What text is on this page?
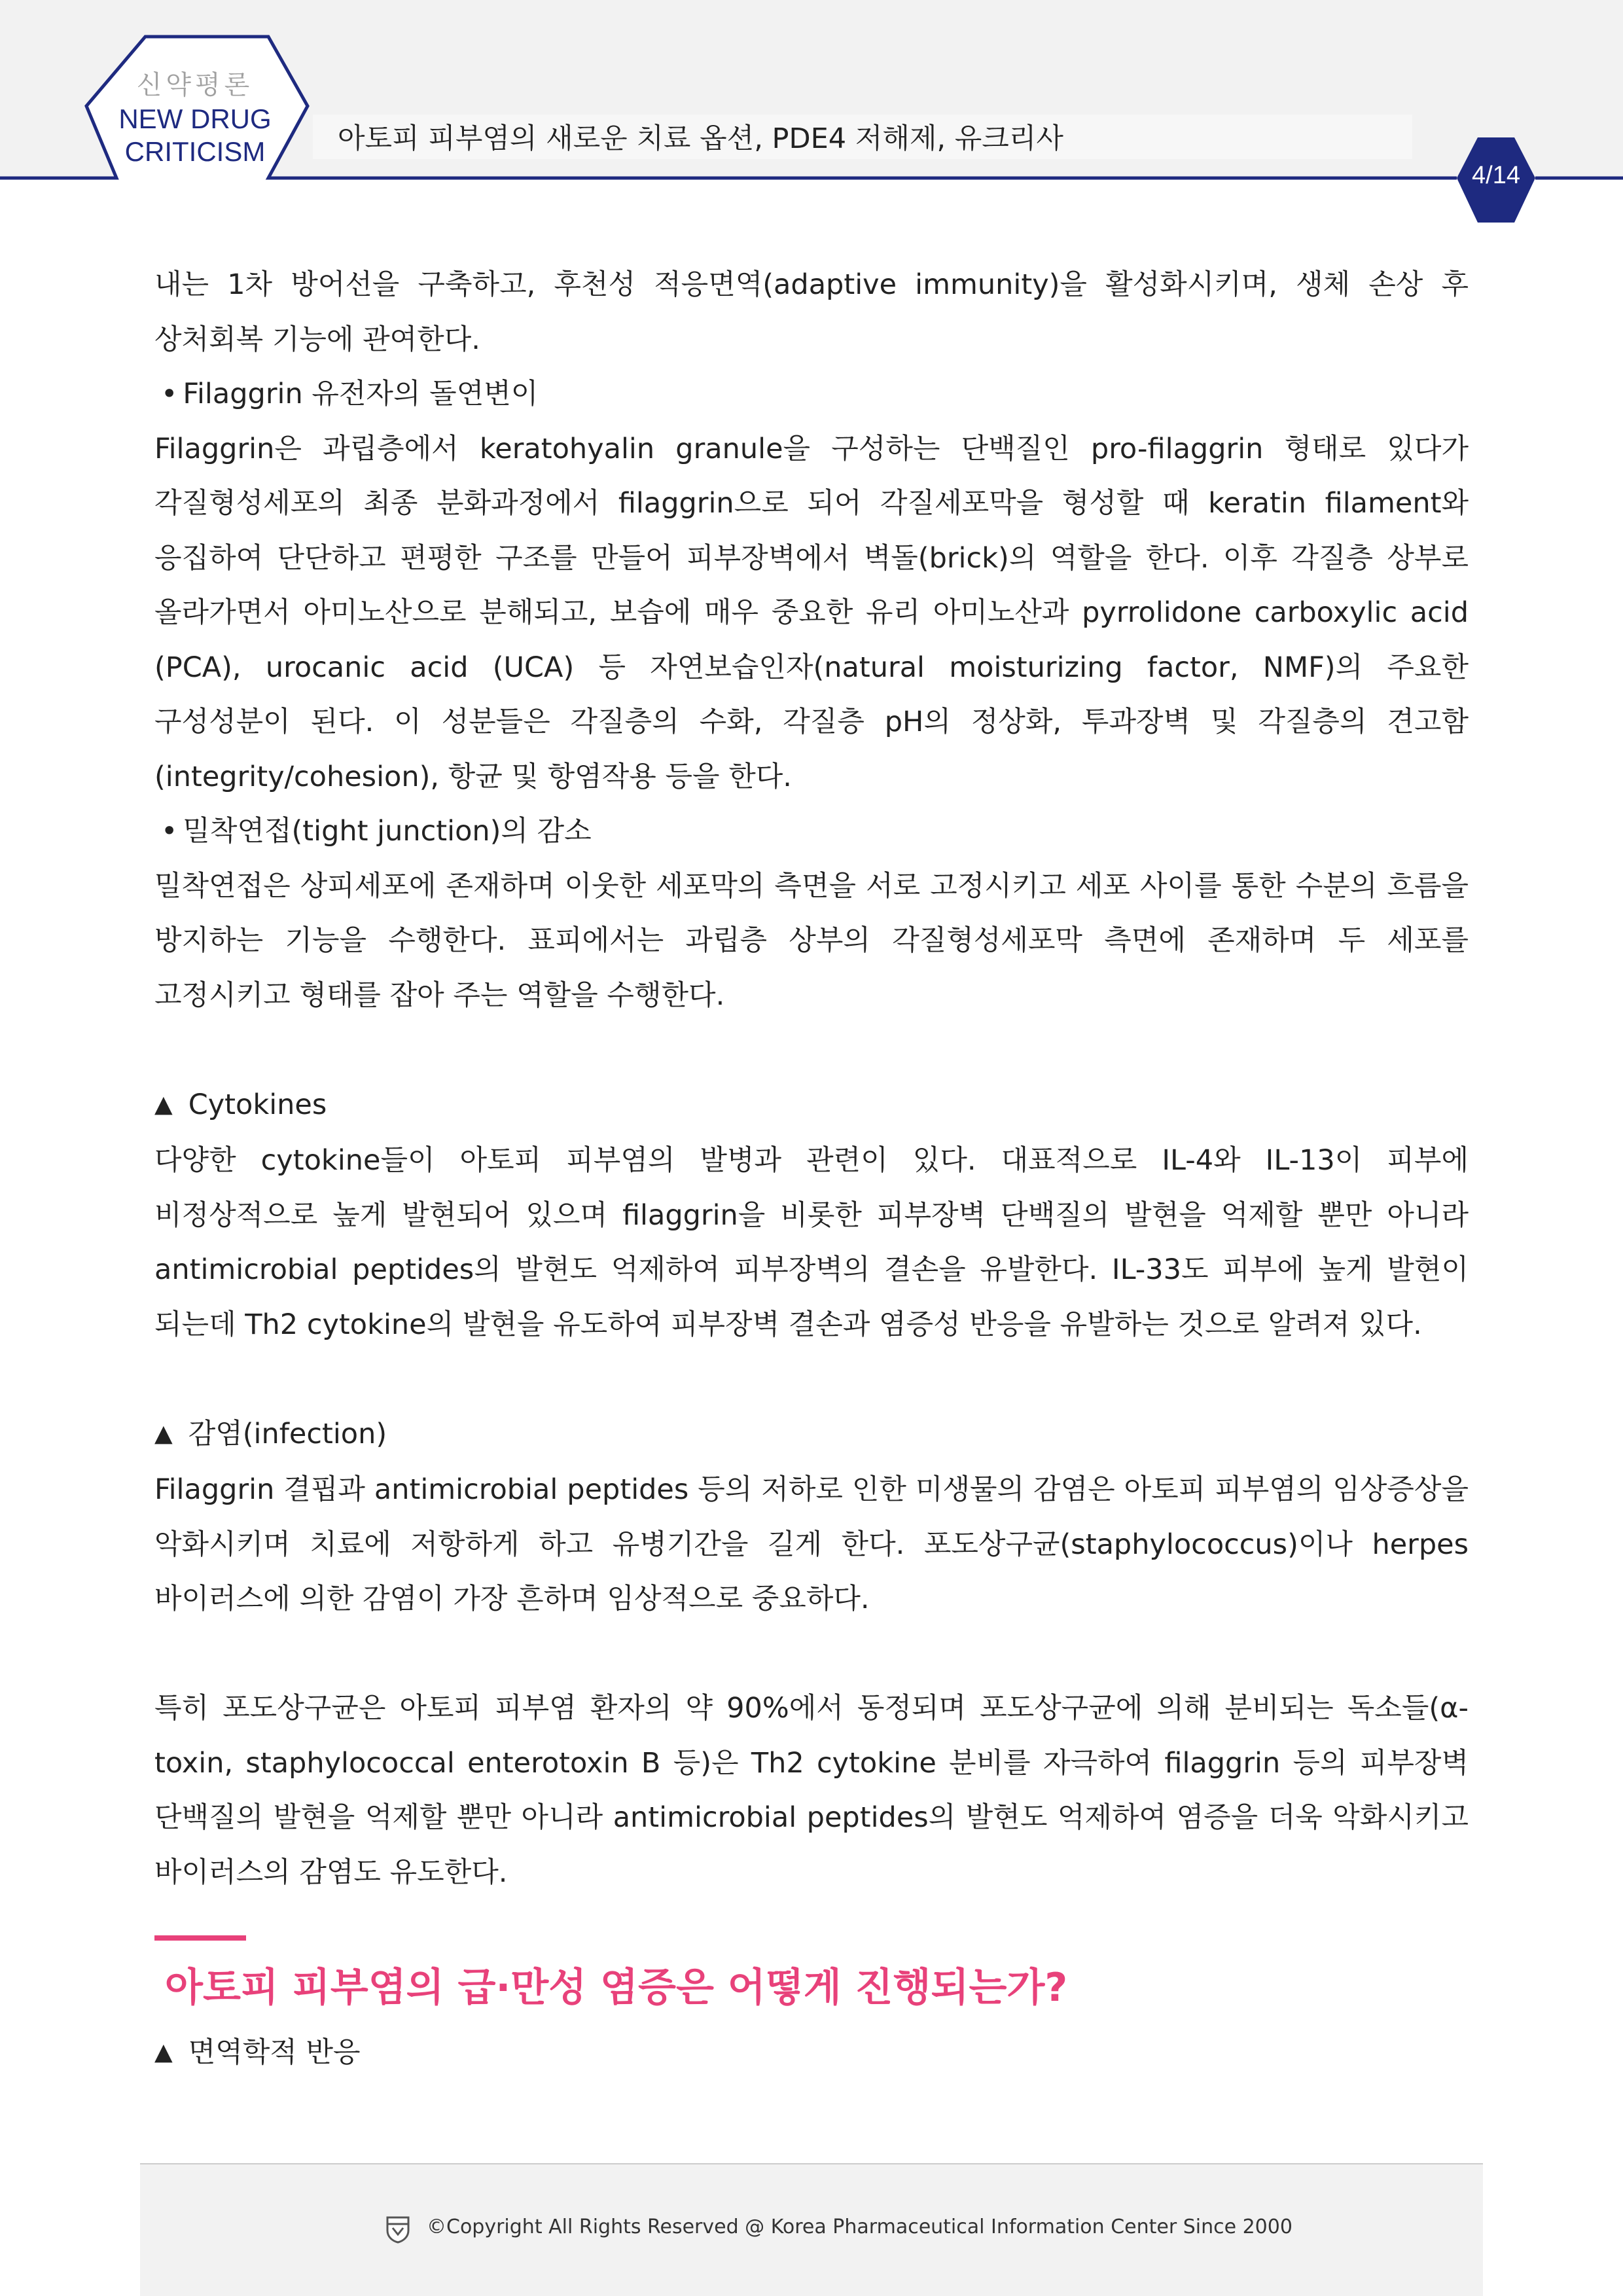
신약평론
NEW DRUG
CRITICISM	아토피 피부염의 새로운 치료 옵션, PDE4 저해제, 유크리사
4/14

내는 1차 방어선을 구축하고, 후천성 적응면역(adaptive immunity)을 활성화시키며, 생체 손상 후 상처회복 기능에 관여한다.

• Filaggrin 유전자의 돌연변이

Filaggrin은 과립층에서 keratohyalin granule을 구성하는 단백질인 pro-filaggrin 형태로 있다가 각질형성세포의 최종 분화과정에서 filaggrin으로 되어 각질세포막을 형성할 때 keratin filament와 응집하여 단단하고 편평한 구조를 만들어 피부장벽에서 벽돌(brick)의 역할을 한다. 이후 각질층 상부로 올라가면서 아미노산으로 분해되고, 보습에 매우 중요한 유리 아미노산과 pyrrolidone carboxylic acid (PCA), urocanic acid (UCA) 등 자연보습인자(natural moisturizing factor, NMF)의 주요한 구성성분이 된다. 이 성분들은 각질층의 수화, 각질층 pH의 정상화, 투과장벽 및 각질층의 견고함(integrity/cohesion), 항균 및 항염작용 등을 한다.

• 밀착연접(tight junction)의 감소

밀착연접은 상피세포에 존재하며 이웃한 세포막의 측면을 서로 고정시키고 세포 사이를 통한 수분의 흐름을 방지하는 기능을 수행한다. 표피에서는 과립층 상부의 각질형성세포막 측면에 존재하며 두 세포를 고정시키고 형태를 잡아 주는 역할을 수행한다.

▲ Cytokines

다양한 cytokine들이 아토피 피부염의 발병과 관련이 있다. 대표적으로 IL-4와 IL-13이 피부에 비정상적으로 높게 발현되어 있으며 filaggrin을 비롯한 피부장벽 단백질의 발현을 억제할 뿐만 아니라 antimicrobial peptides의 발현도 억제하여 피부장벽의 결손을 유발한다. IL-33도 피부에 높게 발현이 되는데 Th2 cytokine의 발현을 유도하여 피부장벽 결손과 염증성 반응을 유발하는 것으로 알려져 있다.

▲ 감염(infection)

Filaggrin 결핍과 antimicrobial peptides 등의 저하로 인한 미생물의 감염은 아토피 피부염의 임상증상을 악화시키며 치료에 저항하게 하고 유병기간을 길게 한다. 포도상구균(staphylococcus)이나 herpes 바이러스에 의한 감염이 가장 흔하며 임상적으로 중요하다.

특히 포도상구균은 아토피 피부염 환자의 약 90%에서 동정되며 포도상구균에 의해 분비되는 독소들(α-toxin, staphylococcal enterotoxin B 등)은 Th2 cytokine 분비를 자극하여 filaggrin 등의 피부장벽 단백질의 발현을 억제할 뿐만 아니라 antimicrobial peptides의 발현도 억제하여 염증을 더욱 악화시키고 바이러스의 감염도 유도한다.

아토피 피부염의 급·만성 염증은 어떻게 진행되는가?

▲ 면역학적 반응

©Copyright All Rights Reserved @ Korea Pharmaceutical Information Center Since 2000
